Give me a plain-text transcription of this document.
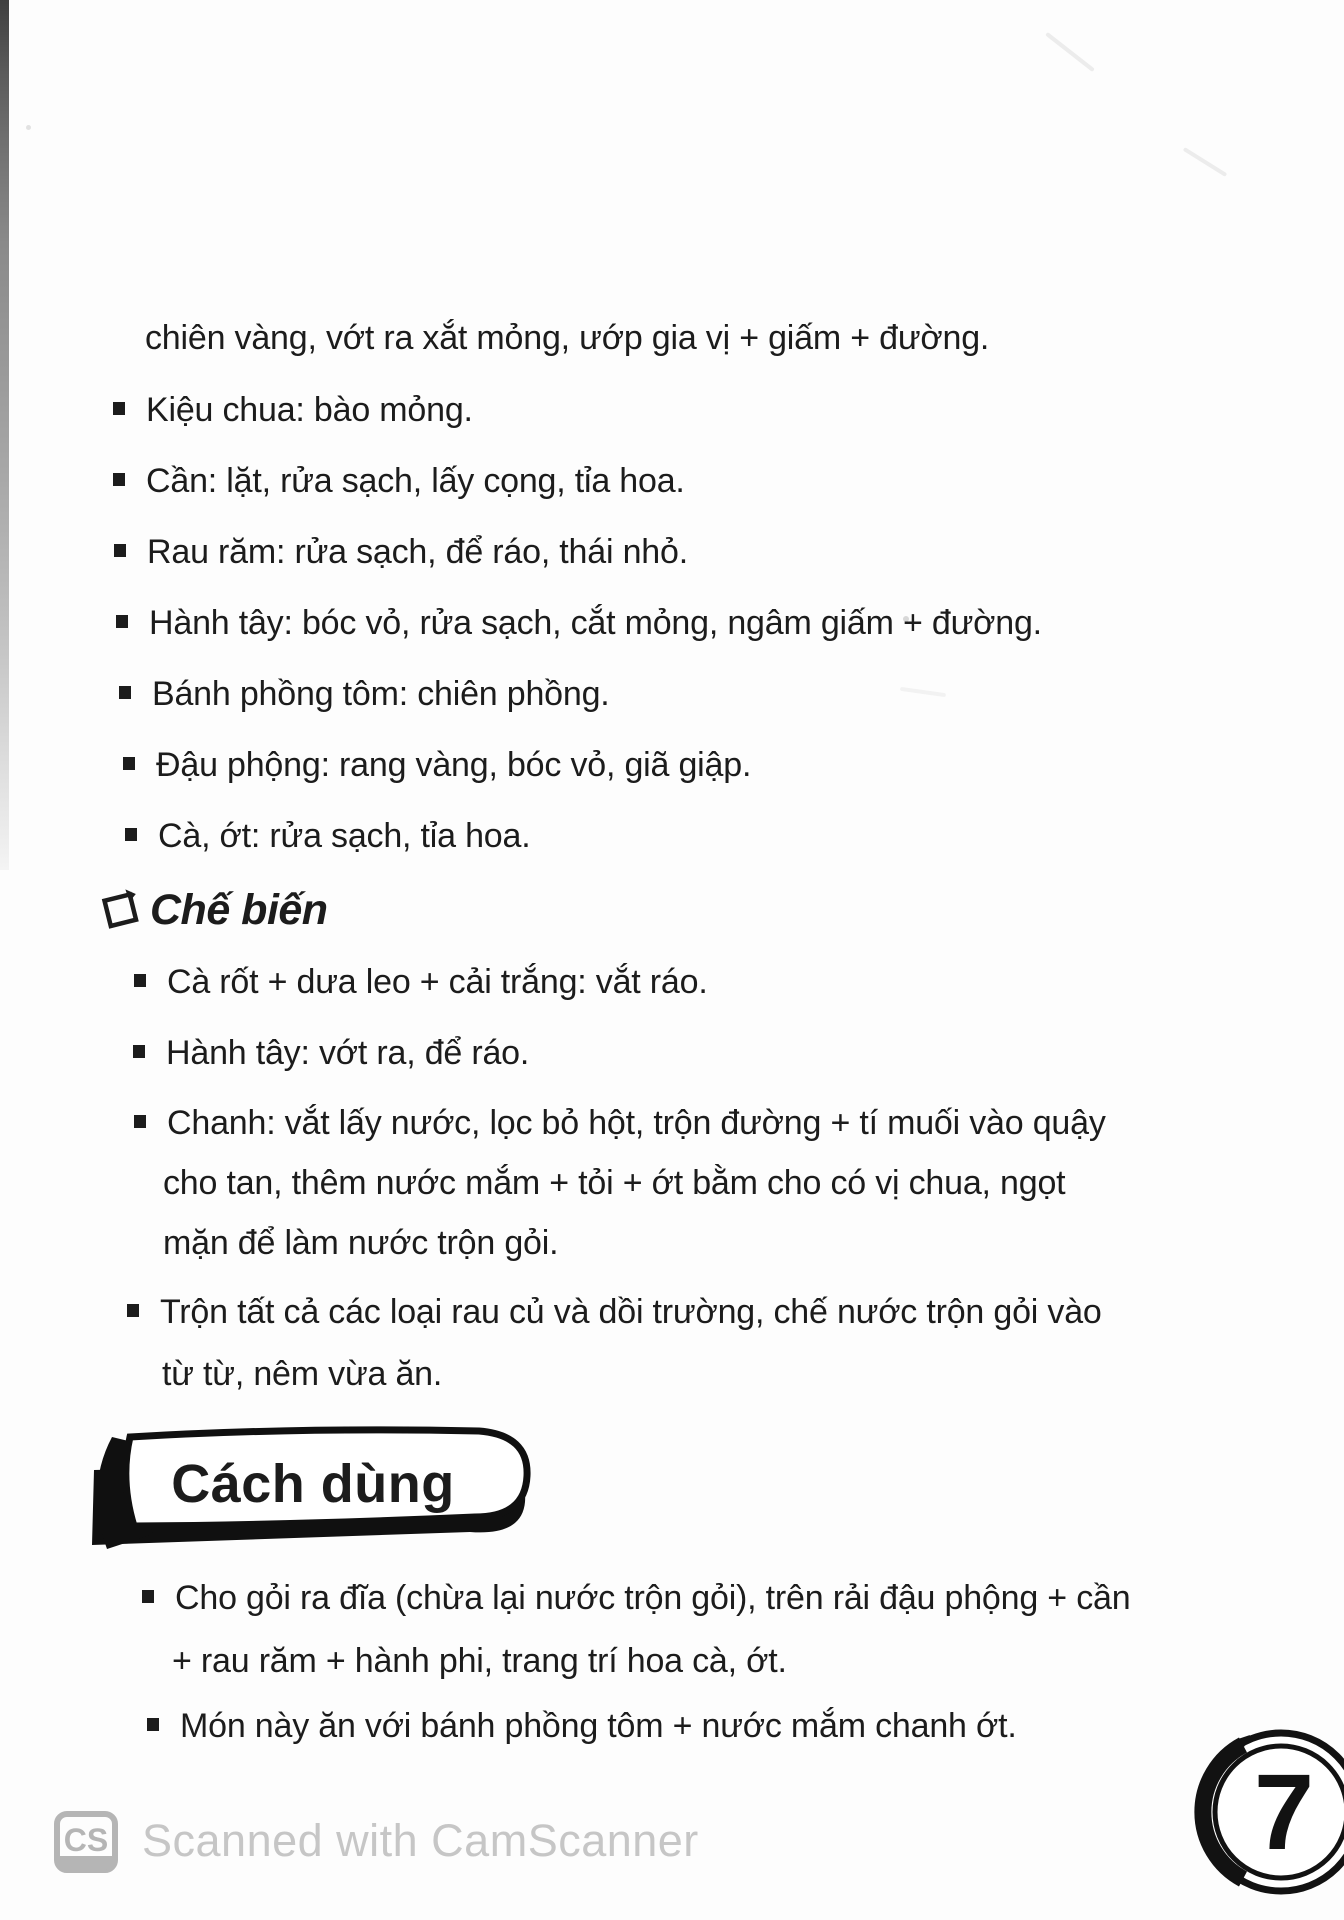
chiên vàng, vớt ra xắt mỏng, ướp gia vị + giấm + đường.
Kiệu chua: bào mỏng.
Cần: lặt, rửa sạch, lấy cọng, tỉa hoa.
Rau răm: rửa sạch, để ráo, thái nhỏ.
Hành tây: bóc vỏ, rửa sạch, cắt mỏng, ngâm giấm + đường.
Bánh phồng tôm: chiên phồng.
Đậu phộng: rang vàng, bóc vỏ, giã giập.
Cà, ớt: rửa sạch, tỉa hoa.
Chế biến
Cà rốt + dưa leo + cải trắng: vắt ráo.
Hành tây: vớt ra, để ráo.
Chanh: vắt lấy nước, lọc bỏ hột, trộn đường + tí muối vào quậy
cho tan, thêm nước mắm + tỏi + ớt bằm cho có vị chua, ngọt
mặn để làm nước trộn gỏi.
Trộn tất cả các loại rau củ và dồi trường, chế nước trộn gỏi vào
từ từ, nêm vừa ăn.
Cách dùng
Cho gỏi ra đĩa (chừa lại nước trộn gỏi), trên rải đậu phộng + cần
+ rau răm + hành phi, trang trí hoa cà, ớt.
Món này ăn với bánh phồng tôm + nước mắm chanh ớt.
7
CS Scanned with CamScanner
